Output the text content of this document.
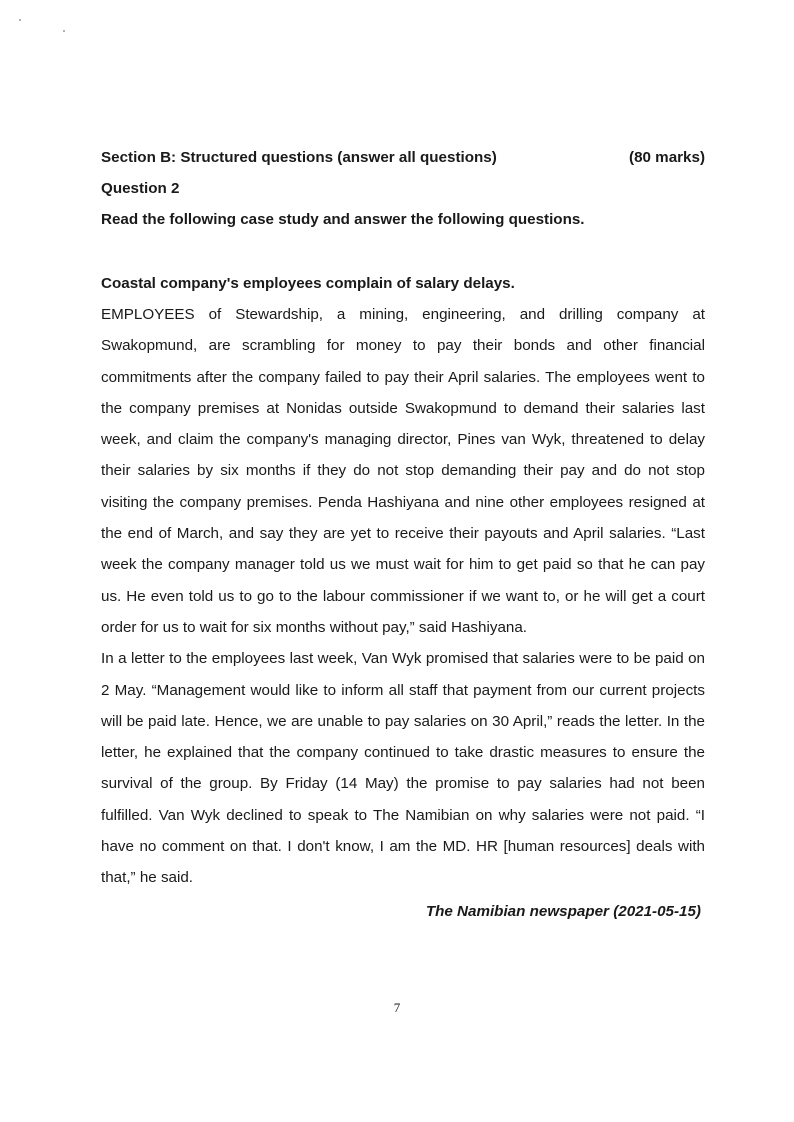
Section B: Structured questions (answer all questions)	(80 marks)
Question 2
Read the following case study and answer the following questions.
Coastal company's employees complain of salary delays.

EMPLOYEES of Stewardship, a mining, engineering, and drilling company at Swakopmund, are scrambling for money to pay their bonds and other financial commitments after the company failed to pay their April salaries. The employees went to the company premises at Nonidas outside Swakopmund to demand their salaries last week, and claim the company's managing director, Pines van Wyk, threatened to delay their salaries by six months if they do not stop demanding their pay and do not stop visiting the company premises. Penda Hashiyana and nine other employees resigned at the end of March, and say they are yet to receive their payouts and April salaries. “Last week the company manager told us we must wait for him to get paid so that he can pay us. He even told us to go to the labour commissioner if we want to, or he will get a court order for us to wait for six months without pay,” said Hashiyana.

In a letter to the employees last week, Van Wyk promised that salaries were to be paid on 2 May. “Management would like to inform all staff that payment from our current projects will be paid late. Hence, we are unable to pay salaries on 30 April,” reads the letter. In the letter, he explained that the company continued to take drastic measures to ensure the survival of the group. By Friday (14 May) the promise to pay salaries had not been fulfilled. Van Wyk declined to speak to The Namibian on why salaries were not paid. “I have no comment on that. I don't know, I am the MD. HR [human resources] deals with that,” he said.

The Namibian newspaper (2021-05-15)
7
